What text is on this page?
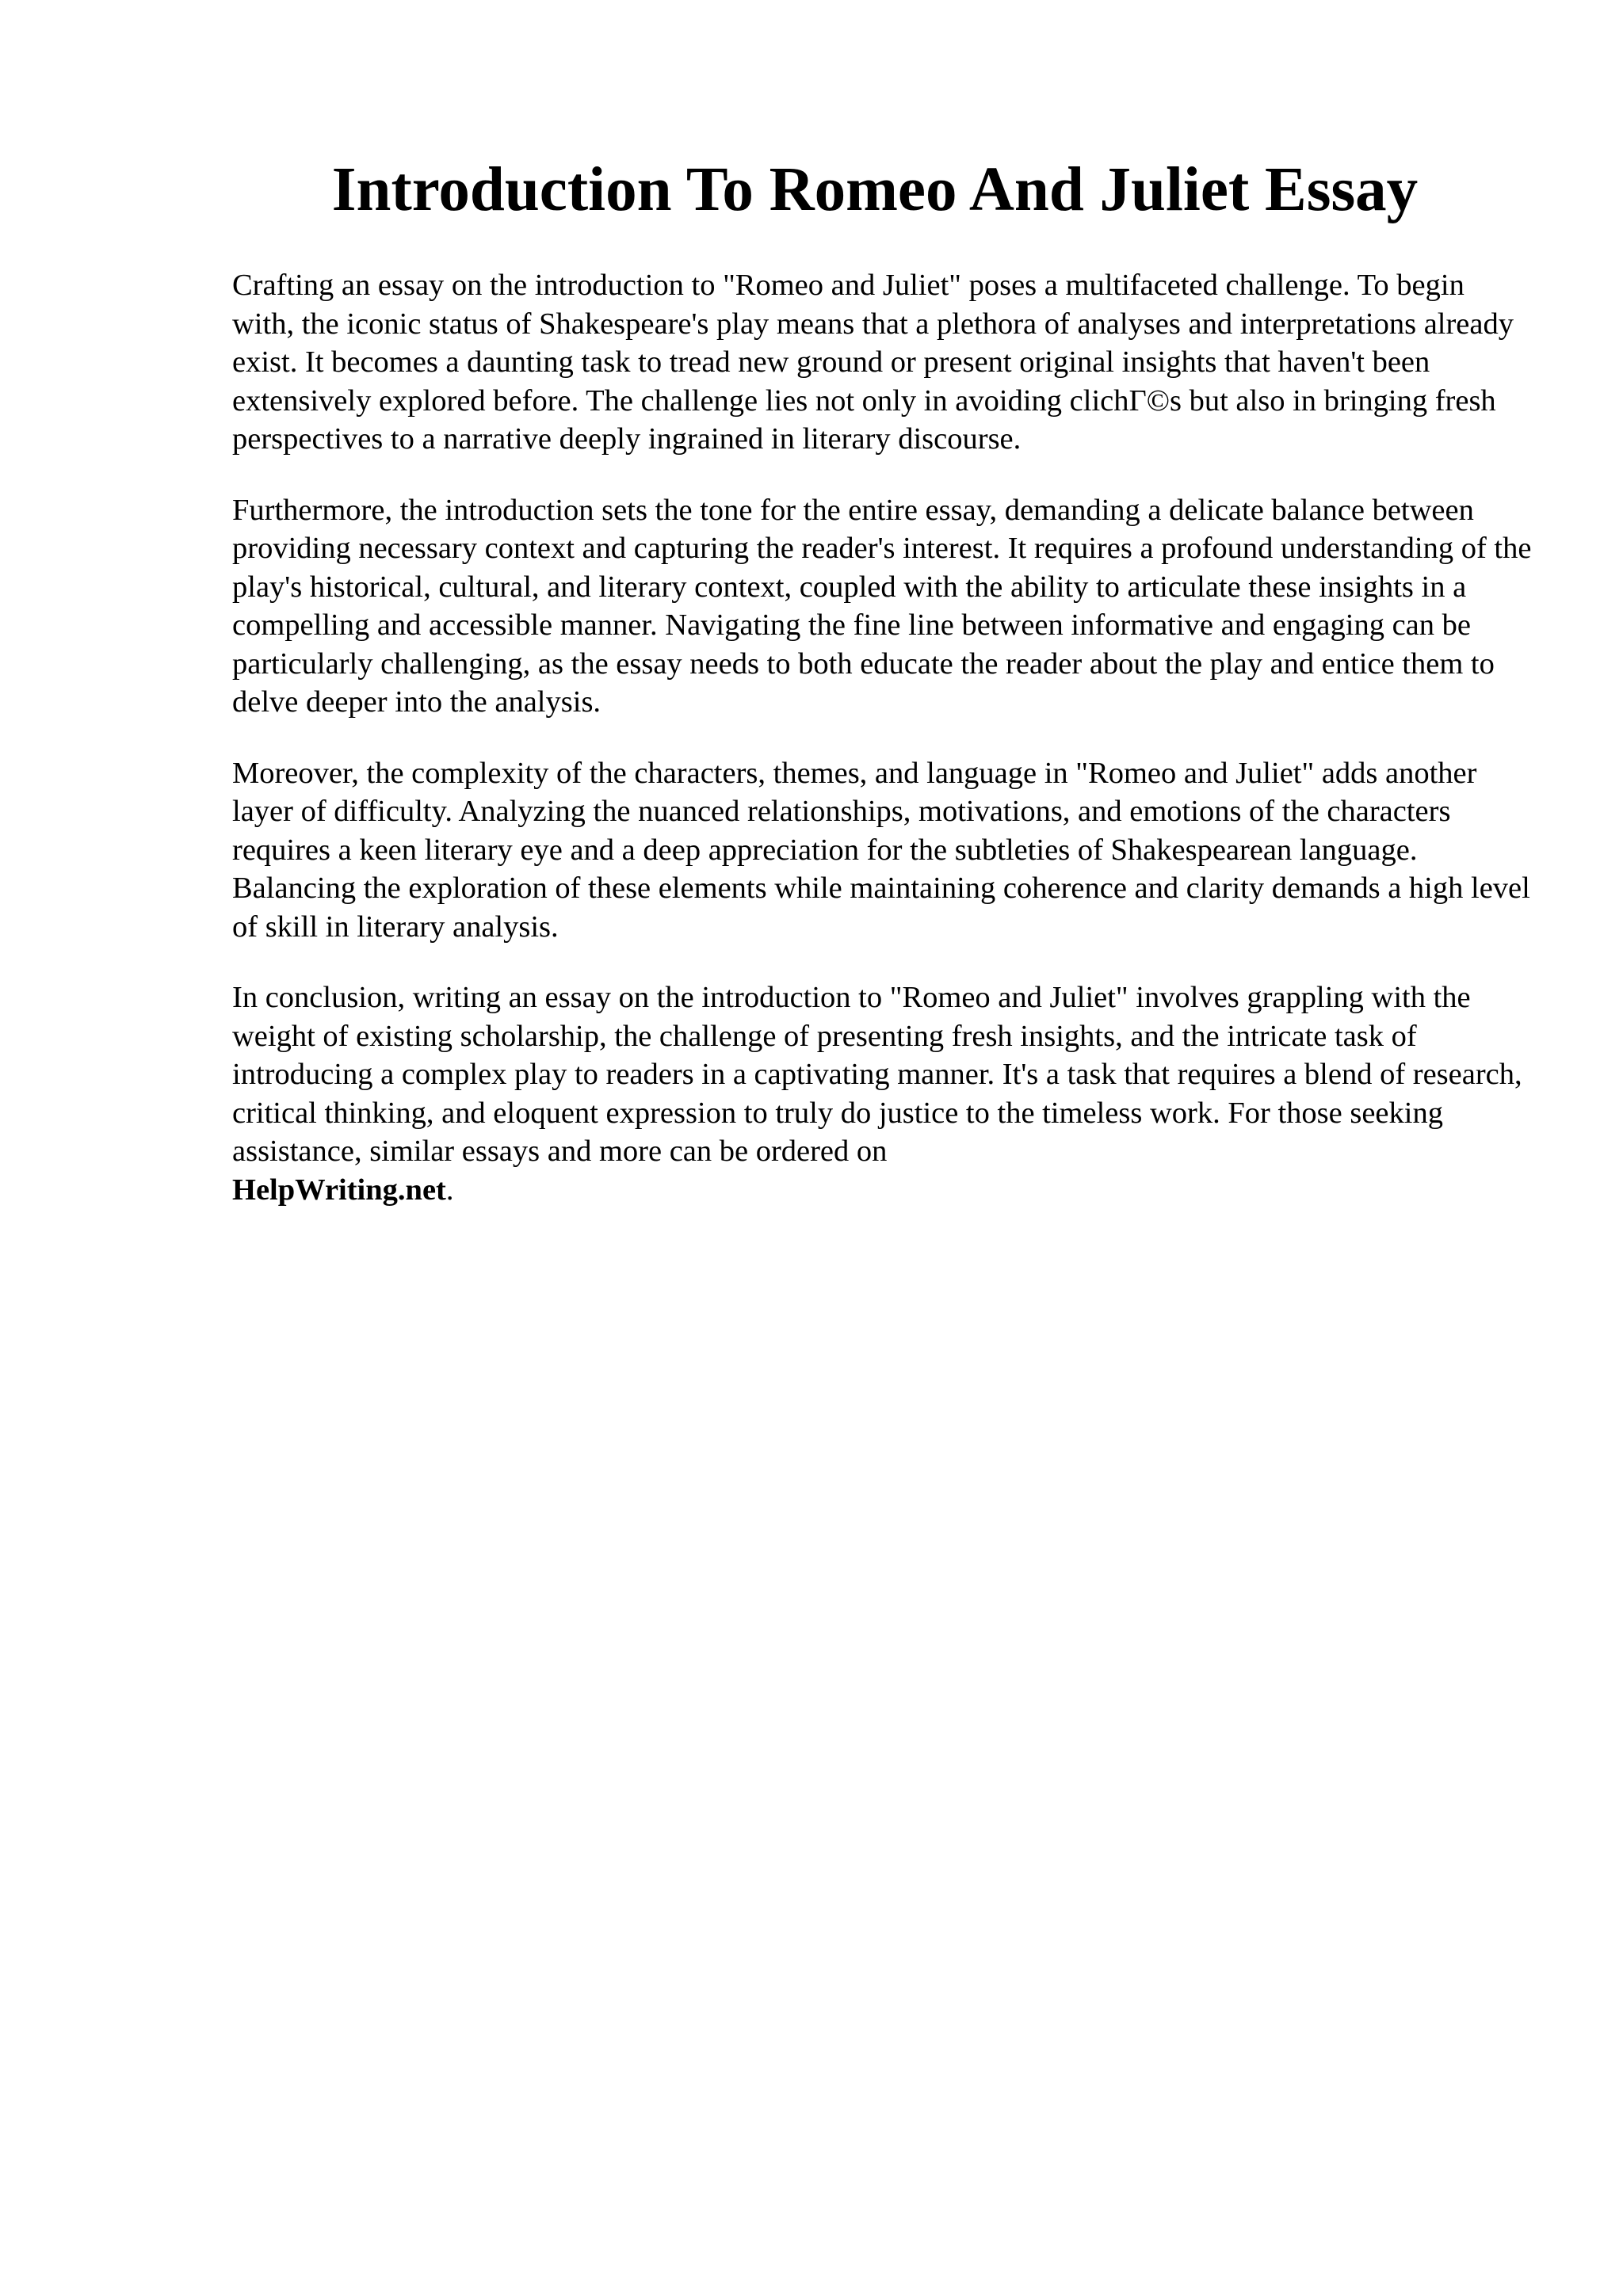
Introduction To Romeo And Juliet Essay

Crafting an essay on the introduction to "Romeo and Juliet" poses a multifaceted challenge. To begin with, the iconic status of Shakespeare's play means that a plethora of analyses and interpretations already exist. It becomes a daunting task to tread new ground or present original insights that haven't been extensively explored before. The challenge lies not only in avoiding clichГ©s but also in bringing fresh perspectives to a narrative deeply ingrained in literary discourse.

Furthermore, the introduction sets the tone for the entire essay, demanding a delicate balance between providing necessary context and capturing the reader's interest. It requires a profound understanding of the play's historical, cultural, and literary context, coupled with the ability to articulate these insights in a compelling and accessible manner. Navigating the fine line between informative and engaging can be particularly challenging, as the essay needs to both educate the reader about the play and entice them to delve deeper into the analysis.

Moreover, the complexity of the characters, themes, and language in "Romeo and Juliet" adds another layer of difficulty. Analyzing the nuanced relationships, motivations, and emotions of the characters requires a keen literary eye and a deep appreciation for the subtleties of Shakespearean language. Balancing the exploration of these elements while maintaining coherence and clarity demands a high level of skill in literary analysis.

In conclusion, writing an essay on the introduction to "Romeo and Juliet" involves grappling with the weight of existing scholarship, the challenge of presenting fresh insights, and the intricate task of introducing a complex play to readers in a captivating manner. It's a task that requires a blend of research, critical thinking, and eloquent expression to truly do justice to the timeless work. For those seeking assistance, similar essays and more can be ordered on
HelpWriting.net.
